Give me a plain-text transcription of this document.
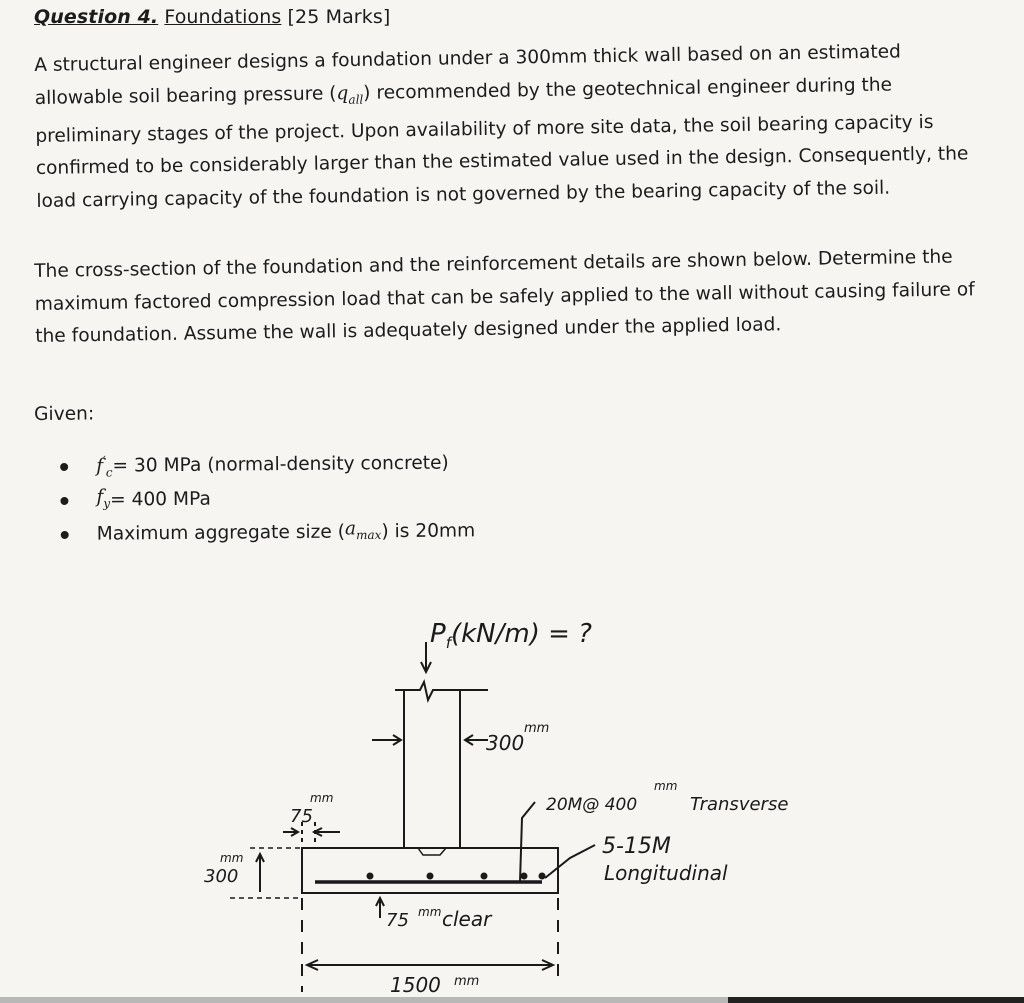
Question 4. Foundations [25 Marks]
A structural engineer designs a foundation under a 300mm thick wall based on an estimated allowable soil bearing pressure $(q_{all})$ recommended by the geotechnical engineer during the preliminary stages of the project. Upon availability of more site data, the soil bearing capacity is confirmed to be considerably larger than the estimated value used in the design. Consequently, the load carrying capacity of the foundation is not governed by the bearing capacity of the soil.
The cross-section of the foundation and the reinforcement details are shown below. Determine the maximum factored compression load that can be safely applied to the wall without causing failure of the foundation. Assume the wall is adequately designed under the applied load.
Given:
$f'_c = 30$ MPa (normal-density concrete)
$f_y = 400$ MPa
Maximum aggregate size ( $a_{max}$ ) is 20mm
$P_f(kN/m)$ = ?
300
mm
75
mm
300
mm
20M@ 400
mm
Transverse
5-15M
Longitudinal
75 mm clear
1500 mm
